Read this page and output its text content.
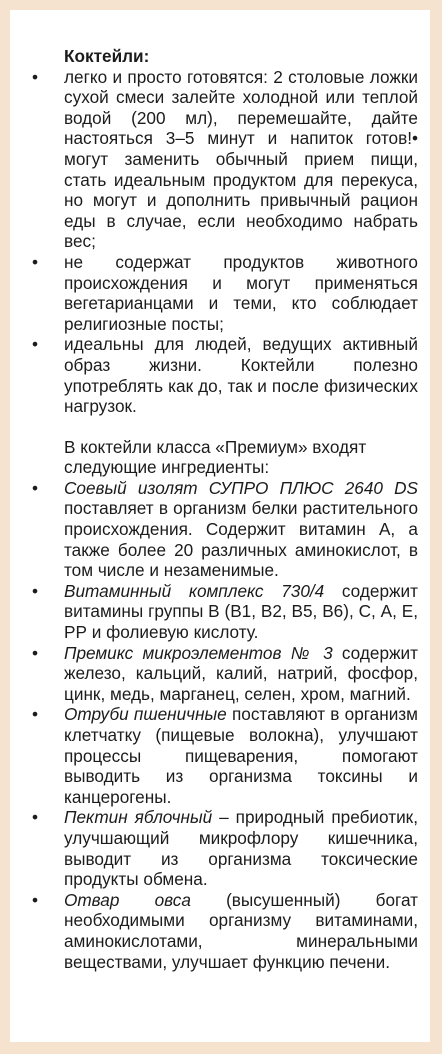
Коктейли:

• легко и просто готовятся: 2 столовые ложки сухой смеси залейте холодной или теплой водой (200 мл), перемешайте, дайте настояться 3–5 минут и напиток готов!• могут заменить обычный прием пищи, стать идеальным продуктом для перекуса, но могут и дополнить привычный рацион еды в случае, если необходимо набрать вес;
• не содержат продуктов животного происхождения и могут применяться вегетарианцами и теми, кто соблюдает религиозные посты;
• идеальны для людей, ведущих активный образ жизни. Коктейли полезно употреблять как до, так и после физических нагрузок.

В коктейли класса «Премиум» входят следующие ингредиенты:

• Соевый изолят СУПРО ПЛЮС 2640 DS поставляет в организм белки растительного происхождения. Содержит витамин А, а также более 20 различных аминокислот, в том числе и незаменимые.
• Витаминный комплекс 730/4 содержит витамины группы В (В1, В2, В5, В6), С, А, Е, РР и фолиевую кислоту.
• Премикс микроэлементов № 3 содержит железо, кальций, калий, натрий, фосфор, цинк, медь, марганец, селен, хром, магний.
• Отруби пшеничные поставляют в организм клетчатку (пищевые волокна), улучшают процессы пищеварения, помогают выводить из организма токсины и канцерогены.
• Пектин яблочный – природный пребиотик, улучшающий микрофлору кишечника, выводит из организма токсические продукты обмена.
• Отвар овса (высушенный) богат необходимыми организму витаминами, аминокислотами, минеральными веществами, улучшает функцию печени.
